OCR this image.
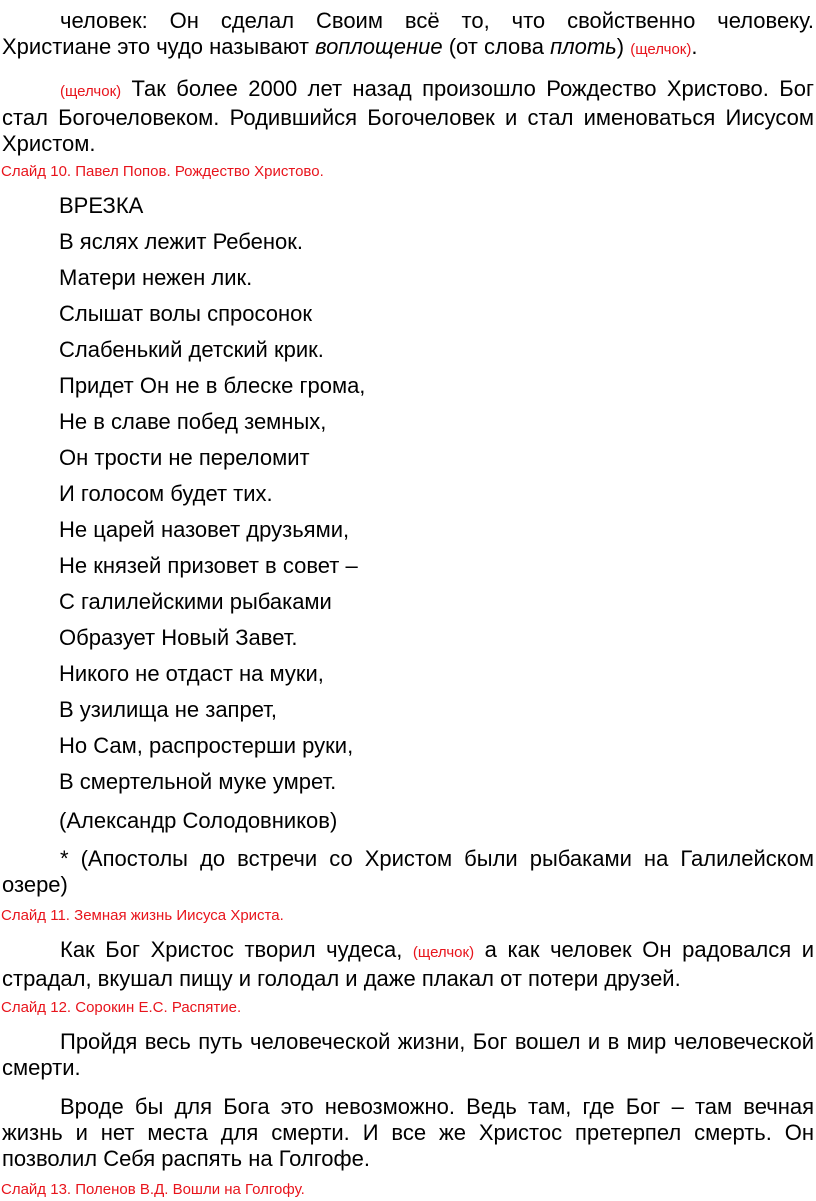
человек: Он сделал Своим всё то, что свойственно человеку.
Христиане это чудо называют воплощение (от слова плоть) (щелчок).
(щелчок) Так более 2000 лет назад произошло Рождество Христово. Бог стал Богочеловеком. Родившийся Богочеловек и стал именоваться Иисусом Христом.
Слайд 10. Павел Попов. Рождество Христово.
ВРЕЗКА
В яслях лежит Ребенок.
Матери нежен лик.
Слышат волы спросонок
Слабенький детский крик.
Придет Он не в блеске грома,
Не в славе побед земных,
Он трости не переломит
И голосом будет тих.
Не царей назовет друзьями,
Не князей призовет в совет –
С галилейскими рыбаками
Образует Новый Завет.
Никого не отдаст на муки,
В узилища не запрет,
Но Сам, распростерши руки,
В смертельной муке умрет.
(Александр Солодовников)
* (Апостолы до встречи со Христом были рыбаками на Галилейском озере)
Слайд 11. Земная жизнь Иисуса Христа.
Как Бог Христос творил чудеса, (щелчок) а как человек Он радовался и страдал, вкушал пищу и голодал и даже плакал от потери друзей.
Слайд 12. Сорокин Е.С. Распятие.
Пройдя весь путь человеческой жизни, Бог вошел и в мир человеческой смерти.
Вроде бы для Бога это невозможно. Ведь там, где Бог – там вечная жизнь и нет места для смерти. И все же Христос претерпел смерть. Он позволил Себя распять на Голгофе.
Слайд 13. Поленов В.Д. Вошли на Голгофу.
